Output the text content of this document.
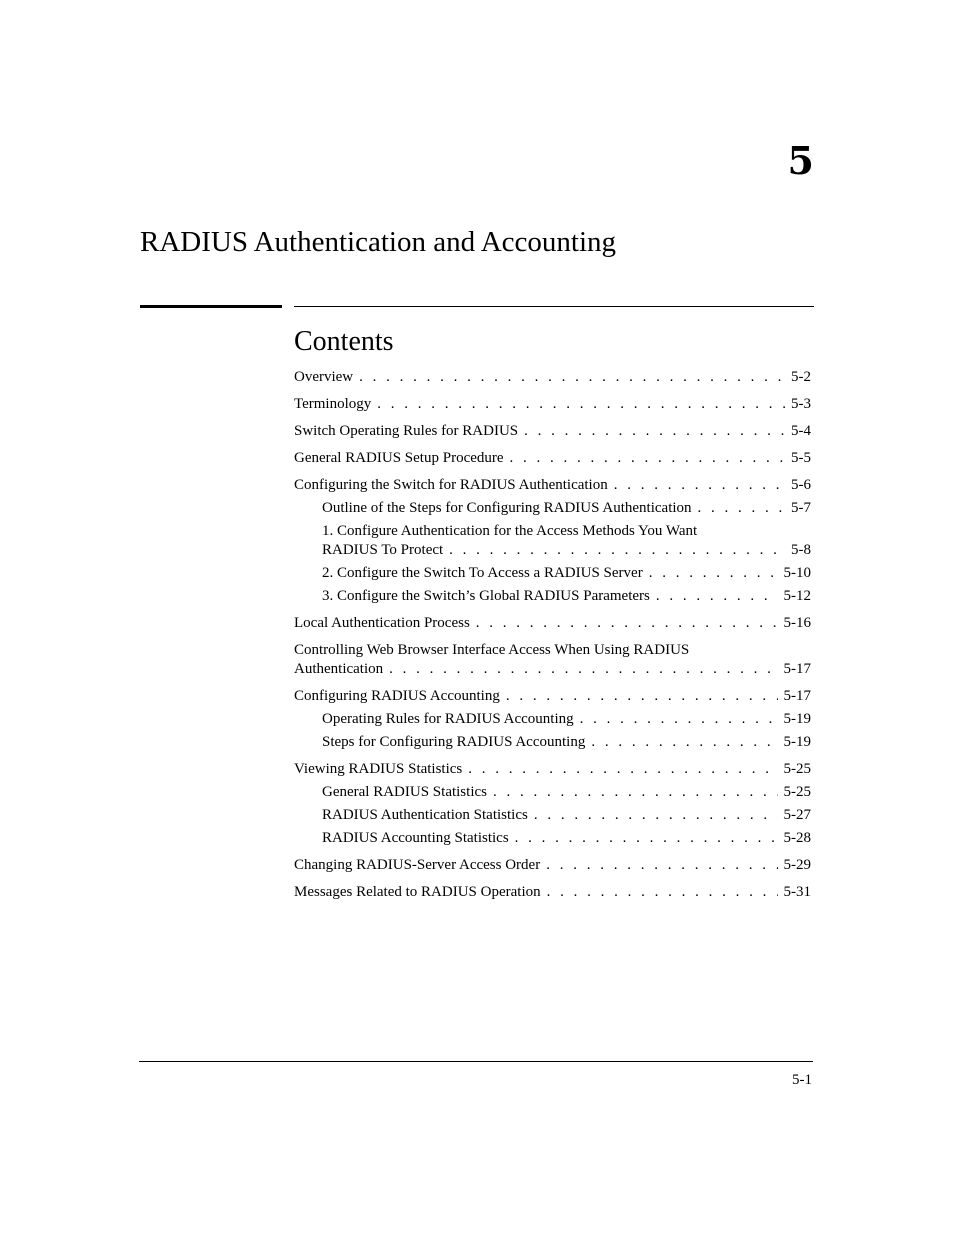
5
RADIUS Authentication and Accounting
Contents
Overview . . .	5-2
Terminology . . .	5-3
Switch Operating Rules for RADIUS . . .	5-4
General RADIUS Setup Procedure . . .	5-5
Configuring the Switch for RADIUS Authentication . . .	5-6
Outline of the Steps for Configuring RADIUS Authentication . . .	5-7
1. Configure Authentication for the Access Methods You Want
RADIUS To Protect . . .	5-8
2. Configure the Switch To Access a RADIUS Server . . .	5-10
3. Configure the Switch’s Global RADIUS Parameters . . .	5-12
Local Authentication Process . . .	5-16
Controlling Web Browser Interface Access When Using RADIUS
Authentication . . .	5-17
Configuring RADIUS Accounting . . .	5-17
Operating Rules for RADIUS Accounting . . .	5-19
Steps for Configuring RADIUS Accounting . . .	5-19
Viewing RADIUS Statistics . . .	5-25
General RADIUS Statistics . . .	5-25
RADIUS Authentication Statistics . . .	5-27
RADIUS Accounting Statistics . . .	5-28
Changing RADIUS-Server Access Order . . .	5-29
Messages Related to RADIUS Operation . . .	5-31
5-1
